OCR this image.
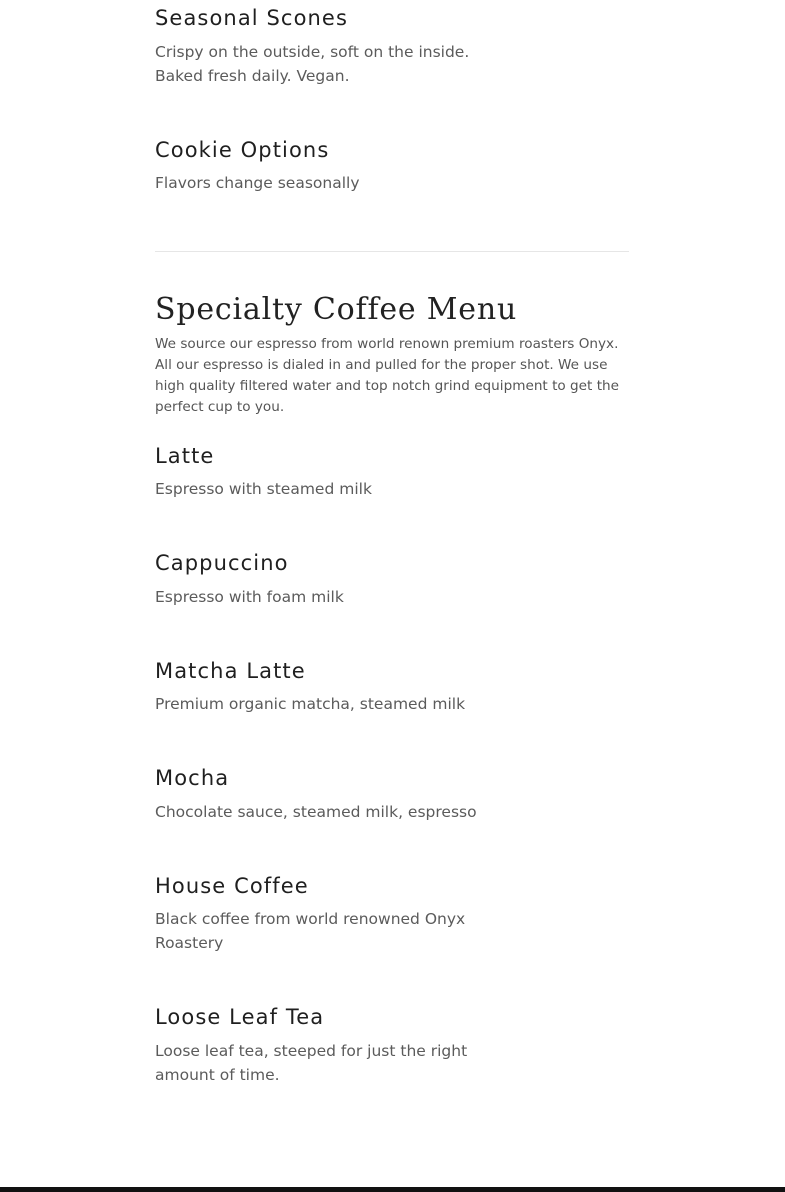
Seasonal Scones

Crispy on the outside, soft on the inside. Baked fresh daily. Vegan.

Cookie Options

Flavors change seasonally

Specialty Coffee Menu

We source our espresso from world renown premium roasters Onyx. All our espresso is dialed in and pulled for the proper shot. We use high quality filtered water and top notch grind equipment to get the perfect cup to you.

Latte

Espresso with steamed milk

Cappuccino

Espresso with foam milk

Matcha Latte

Premium organic matcha, steamed milk

Mocha

Chocolate sauce, steamed milk, espresso

House Coffee

Black coffee from world renowned Onyx Roastery

Loose Leaf Tea

Loose leaf tea, steeped for just the right amount of time.
